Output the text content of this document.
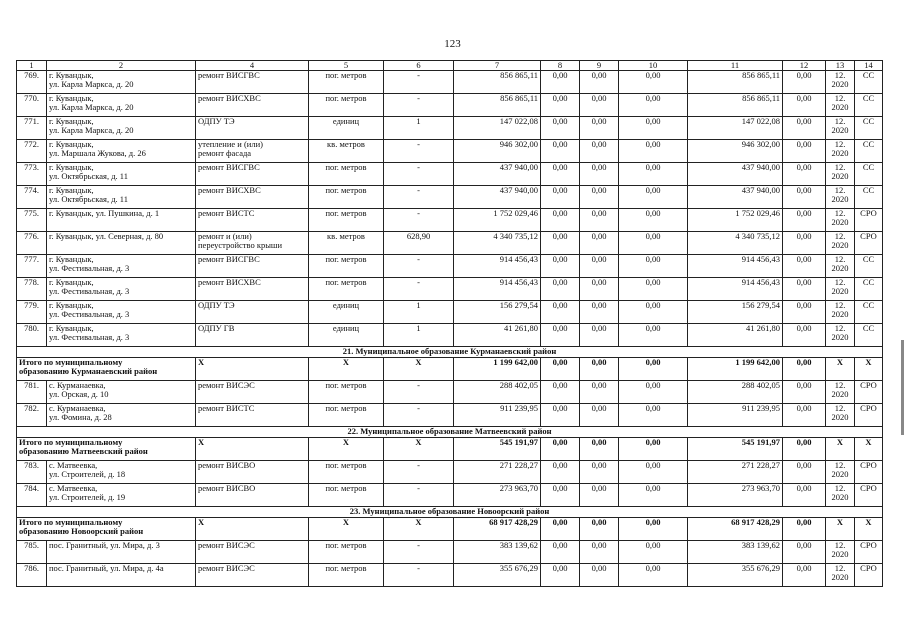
123
1	2	4	5	6	7	8	9	10	11	12	13	14
769.	г. Кувандык,
ул. Карла Маркса, д. 20	ремонт ВИСГВС	пог. метров	-	856 865,11	0,00	0,00	0,00	856 865,11	0,00	12.
2020	СС
770.	г. Кувандык,
ул. Карла Маркса, д. 20	ремонт ВИСХВС	пог. метров	-	856 865,11	0,00	0,00	0,00	856 865,11	0,00	12.
2020	СС
771.	г. Кувандык,
ул. Карла Маркса, д. 20	ОДПУ ТЭ	единиц	1	147 022,08	0,00	0,00	0,00	147 022,08	0,00	12.
2020	СС
772.	г. Кувандык,
ул. Маршала Жукова, д. 26	утепление и (или)
ремонт фасада	кв. метров	-	946 302,00	0,00	0,00	0,00	946 302,00	0,00	12.
2020	СС
773.	г. Кувандык,
ул. Октябрьская, д. 11	ремонт ВИСГВС	пог. метров	-	437 940,00	0,00	0,00	0,00	437 940,00	0,00	12.
2020	СС
774.	г. Кувандык,
ул. Октябрьская, д. 11	ремонт ВИСХВС	пог. метров	-	437 940,00	0,00	0,00	0,00	437 940,00	0,00	12.
2020	СС
775.	г. Кувандык, ул. Пушкина, д. 1	ремонт ВИСТС	пог. метров	-	1 752 029,46	0,00	0,00	0,00	1 752 029,46	0,00	12.
2020	СРО
776.	г. Кувандык, ул. Северная, д. 80	ремонт и (или)
переустройство крыши	кв. метров	628,90	4 340 735,12	0,00	0,00	0,00	4 340 735,12	0,00	12.
2020	СРО
777.	г. Кувандык,
ул. Фестивальная, д. 3	ремонт ВИСГВС	пог. метров	-	914 456,43	0,00	0,00	0,00	914 456,43	0,00	12.
2020	СС
778.	г. Кувандык,
ул. Фестивальная, д. 3	ремонт ВИСХВС	пог. метров	-	914 456,43	0,00	0,00	0,00	914 456,43	0,00	12.
2020	СС
779.	г. Кувандык,
ул. Фестивальная, д. 3	ОДПУ ТЭ	единиц	1	156 279,54	0,00	0,00	0,00	156 279,54	0,00	12.
2020	СС
780.	г. Кувандык,
ул. Фестивальная, д. 3	ОДПУ ГВ	единиц	1	41 261,80	0,00	0,00	0,00	41 261,80	0,00	12.
2020	СС
21. Муниципальное образование Курманаевский район												
Итого по муниципальному
образованию Курманаевский район		X	X	X	1 199 642,00	0,00	0,00	0,00	1 199 642,00	0,00	X	X
781.	с. Курманаевка,
ул. Орская, д. 10	ремонт ВИСЭС	пог. метров	-	288 402,05	0,00	0,00	0,00	288 402,05	0,00	12.
2020	СРО
782.	с. Курманаевка,
ул. Фомина, д. 28	ремонт ВИСТС	пог. метров	-	911 239,95	0,00	0,00	0,00	911 239,95	0,00	12.
2020	СРО
22. Муниципальное образование Матвеевский район												
Итого по муниципальному
образованию Матвеевский район		X	X	X	545 191,97	0,00	0,00	0,00	545 191,97	0,00	X	X
783.	с. Матвеевка,
ул. Строителей, д. 18	ремонт ВИСВО	пог. метров	-	271 228,27	0,00	0,00	0,00	271 228,27	0,00	12.
2020	СРО
784.	с. Матвеевка,
ул. Строителей, д. 19	ремонт ВИСВО	пог. метров	-	273 963,70	0,00	0,00	0,00	273 963,70	0,00	12.
2020	СРО
23. Муниципальное образование Новоорский район												
Итого по муниципальному
образованию Новоорский район		X	X	X	68 917 428,29	0,00	0,00	0,00	68 917 428,29	0,00	X	X
785.	пос. Гранитный, ул. Мира, д. 3	ремонт ВИСЭС	пог. метров	-	383 139,62	0,00	0,00	0,00	383 139,62	0,00	12.
2020	СРО
786.	пос. Гранитный, ул. Мира, д. 4а	ремонт ВИСЭС	пог. метров	-	355 676,29	0,00	0,00	0,00	355 676,29	0,00	12.
2020	СРО
